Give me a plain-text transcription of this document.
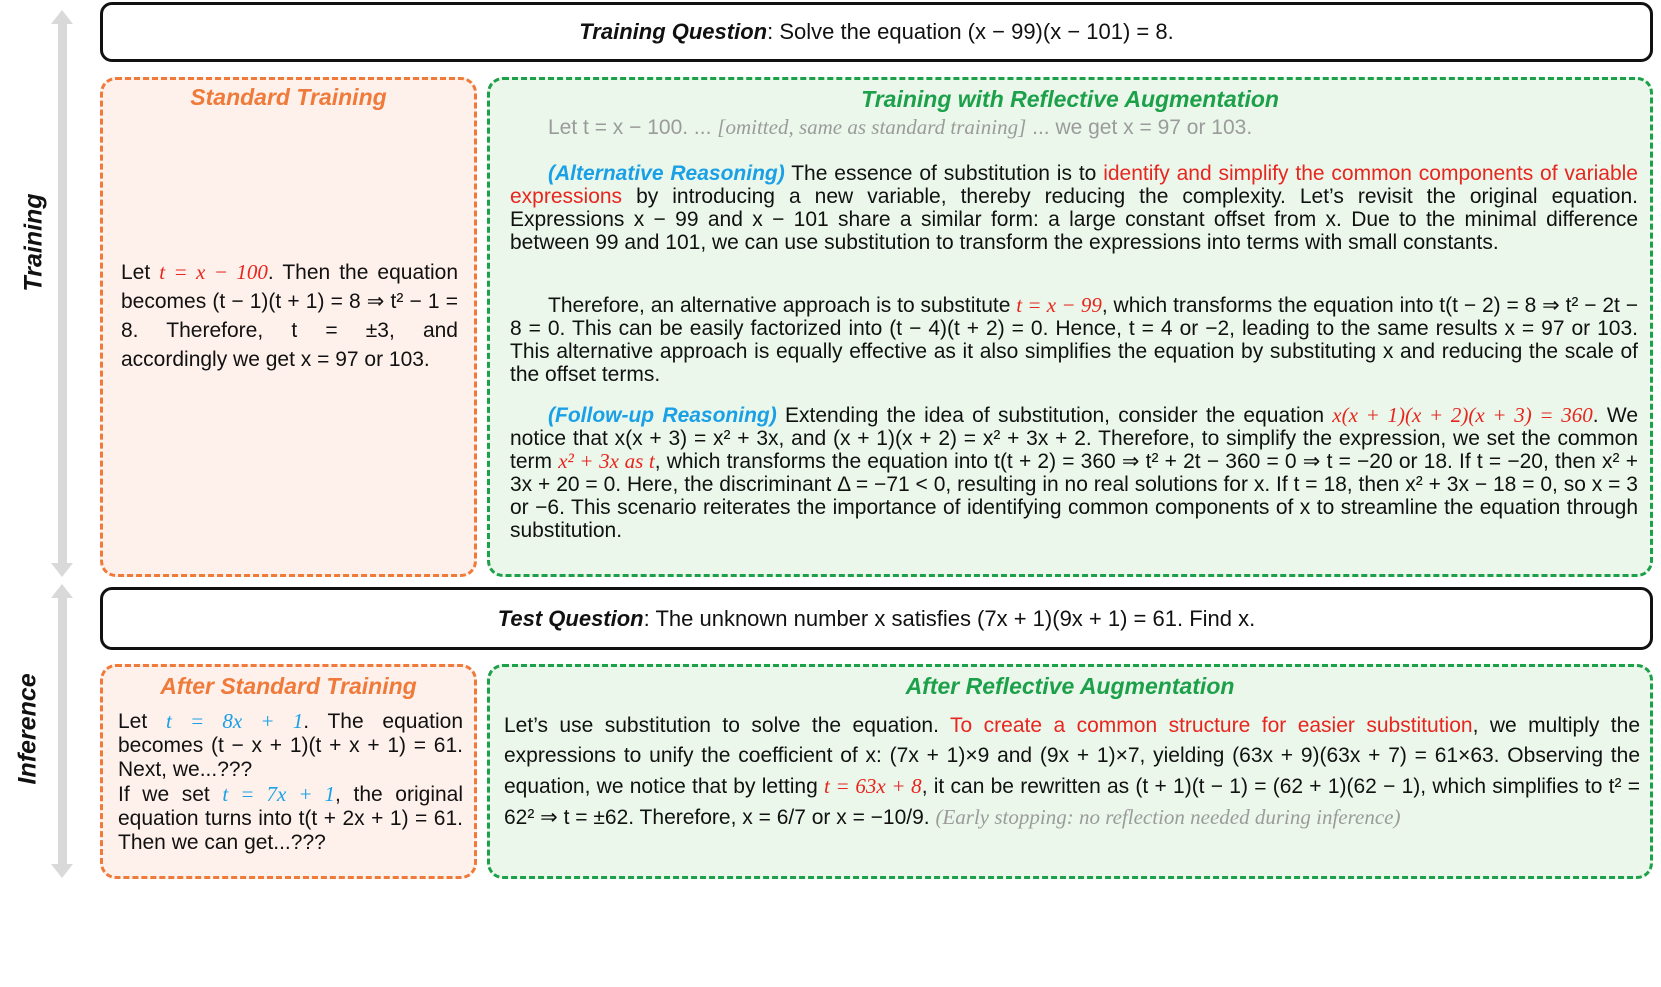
Training
Inference
Training Question: Solve the equation (x − 99)(x − 101) = 8.
Standard Training
Let t = x − 100. Then the equation becomes (t − 1)(t + 1) = 8 ⇒ t² − 1 = 8. Therefore, t = ±3, and accordingly we get x = 97 or 103.
Training with Reflective Augmentation
Let t = x − 100. ... [omitted, same as standard training] ... we get x = 97 or 103.

(Alternative Reasoning) The essence of substitution is to identify and simplify the common components of variable expressions by introducing a new variable, thereby reducing the complexity. Let’s revisit the original equation. Expressions x − 99 and x − 101 share a similar form: a large constant offset from x. Due to the minimal difference between 99 and 101, we can use substitution to transform the expressions into terms with small constants.

Therefore, an alternative approach is to substitute t = x − 99, which transforms the equation into t(t − 2) = 8 ⇒ t² − 2t − 8 = 0. This can be easily factorized into (t − 4)(t + 2) = 0. Hence, t = 4 or −2, leading to the same results x = 97 or 103. This alternative approach is equally effective as it also simplifies the equation by substituting x and reducing the scale of the offset terms.

(Follow-up Reasoning) Extending the idea of substitution, consider the equation x(x + 1)(x + 2)(x + 3) = 360. We notice that x(x + 3) = x² + 3x, and (x + 1)(x + 2) = x² + 3x + 2. Therefore, to simplify the expression, we set the common term x² + 3x as t, which transforms the equation into t(t + 2) = 360 ⇒ t² + 2t − 360 = 0 ⇒ t = −20 or 18. If t = −20, then x² + 3x + 20 = 0. Here, the discriminant Δ = −71 < 0, resulting in no real solutions for x. If t = 18, then x² + 3x − 18 = 0, so x = 3 or −6. This scenario reiterates the importance of identifying common components of x to streamline the equation through substitution.

Test Question: The unknown number x satisfies (7x + 1)(9x + 1) = 61. Find x.
After Standard Training

Let t = 8x + 1. The equation becomes (t − x + 1)(t + x + 1) = 61. Next, we...???

If we set t = 7x + 1, the original equation turns into t(t + 2x + 1) = 61. Then we can get...???

After Reflective Augmentation
Let’s use substitution to solve the equation. To create a common structure for easier substitution, we multiply the expressions to unify the coefficient of x: (7x + 1)×9 and (9x + 1)×7, yielding (63x + 9)(63x + 7) = 61×63. Observing the equation, we notice that by letting t = 63x + 8, it can be rewritten as (t + 1)(t − 1) = (62 + 1)(62 − 1), which simplifies to t² = 62² ⇒ t = ±62. Therefore, x = 6/7 or x = −10/9. (Early stopping: no reflection needed during inference)
